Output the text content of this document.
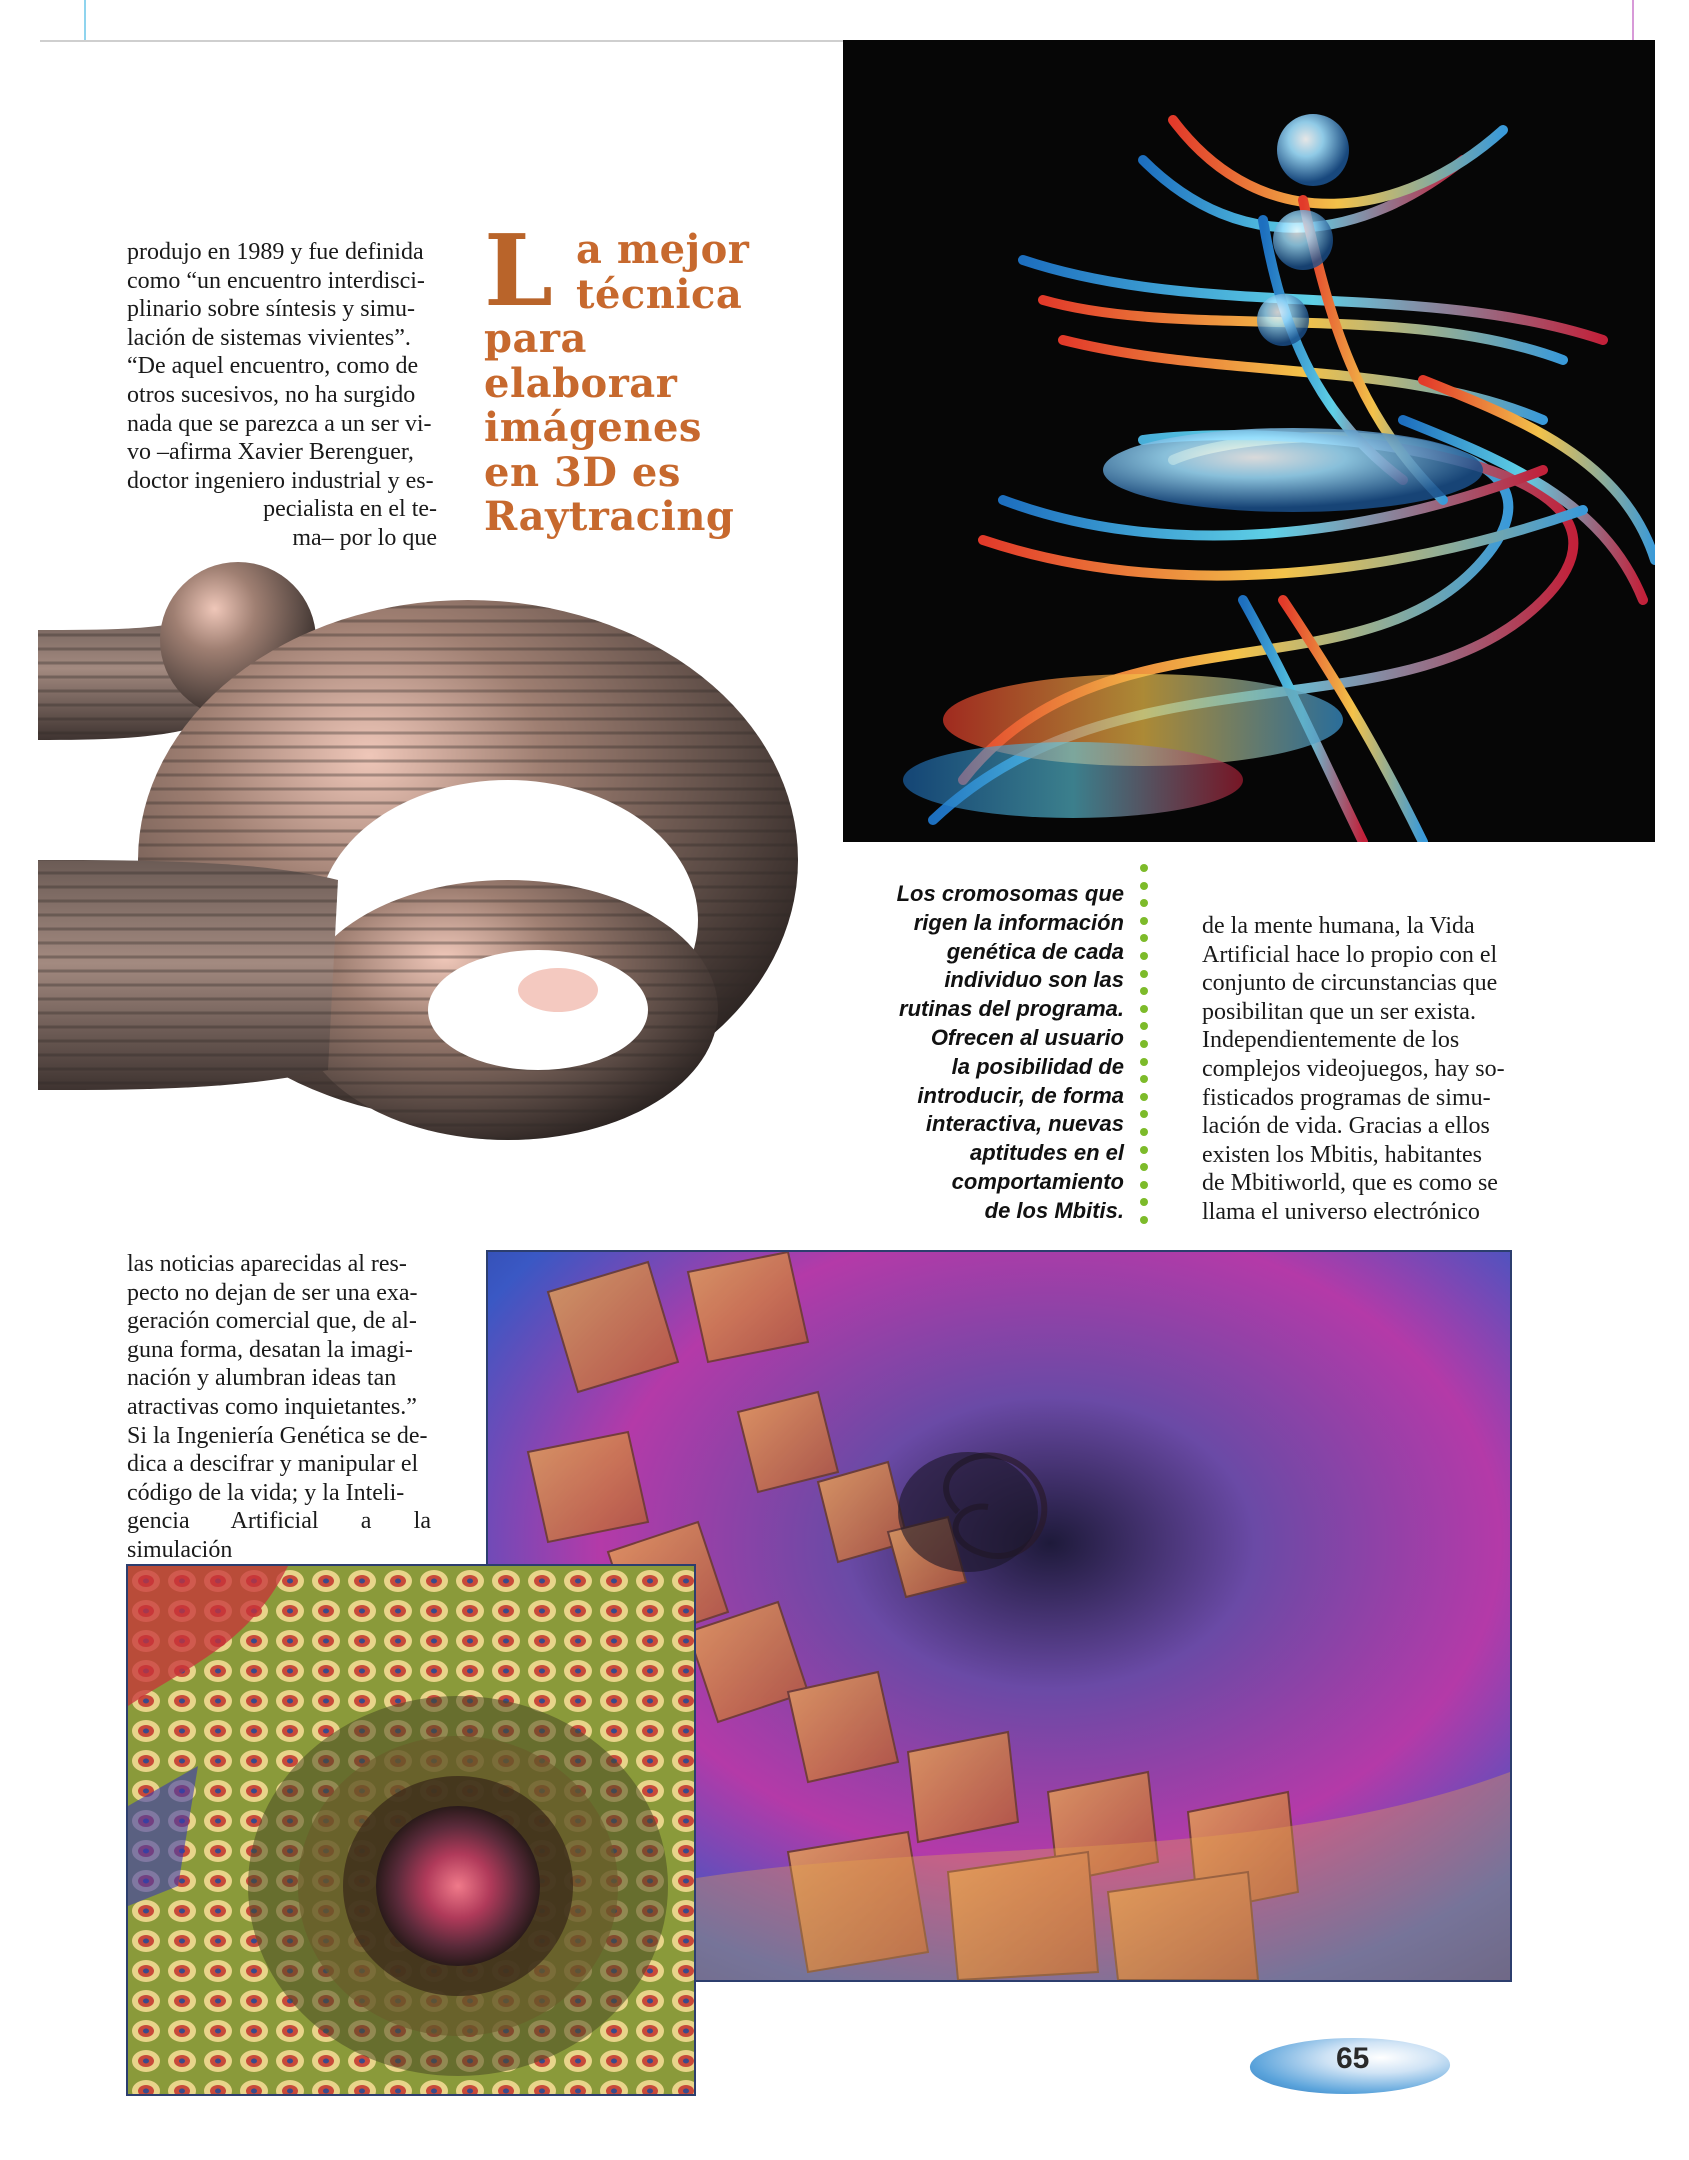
produjo en 1989 y fue definida
como “un encuentro interdisci-
plinario sobre síntesis y simu-
lación de sistemas vivientes”.
“De aquel encuentro, como de
otros sucesivos, no ha surgido
nada que se parezca a un ser vi-
vo –afirma Xavier Berenguer,
doctor ingeniero industrial y es-
pecialista en el te-
ma– por lo que
L a mejor
técnica
para
elaborar
imágenes
en 3D es
Raytracing
Los cromosomas que
rigen la información
genética de cada
individuo son las
rutinas del programa.
Ofrecen al usuario
la posibilidad de
introducir, de forma
interactiva, nuevas
aptitudes en el
comportamiento
de los Mbitis.
de la mente humana, la Vida
Artificial hace lo propio con el
conjunto de circunstancias que
posibilitan que un ser exista.
Independientemente de los
complejos videojuegos, hay so-
fisticados programas de simu-
lación de vida. Gracias a ellos
existen los Mbitis, habitantes
de Mbitiworld, que es como se
llama el universo electrónico
las noticias aparecidas al res-
pecto no dejan de ser una exa-
geración comercial que, de al-
guna forma, desatan la imagi-
nación y alumbran ideas tan
atractivas como inquietantes.”
Si la Ingeniería Genética se de-
dica a descifrar y manipular el
código de la vida; y la Inteli-
gencia Artificial a la simulación
65
